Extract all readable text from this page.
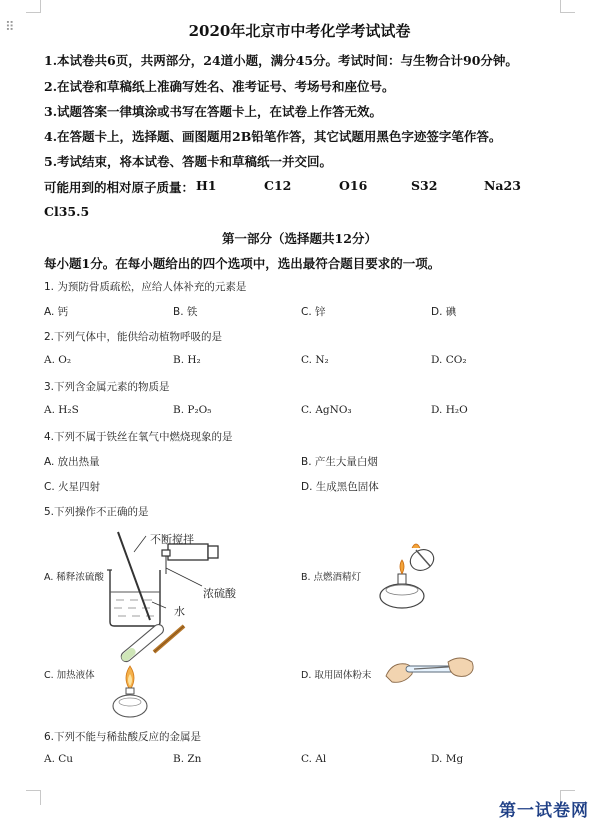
⠿	2020年北京市中考化学考试试卷
1.本试卷共6页，共两部分，24道小题，满分45分。考试时间：与生物合计90分钟。
2.在试卷和草稿纸上准确写姓名、准考证号、考场号和座位号。
3.试题答案一律填涂或书写在答题卡上，在试卷上作答无效。
4.在答题卡上，选择题、画图题用2B铅笔作答，其它试题用黑色字迹签字笔作答。
5.考试结束，将本试卷、答题卡和草稿纸一并交回。
可能用到的相对原子质量： H1	C12	O16	S32	Na23
Cl35.5
第一部分（选择题共12分）
每小题1分。在每小题给出的四个选项中，选出最符合题目要求的一项。
1. 为预防骨质疏松，应给人体补充的元素是
A. 钙	B. 铁	C. 锌	D. 碘
2.下列气体中，能供给动植物呼吸的是
A. O₂	B. H₂	C. N₂	D. CO₂
3.下列含金属元素的物质是
A. H₂S	B. P₂O₅	C. AgNO₃	D. H₂O
4.下列不属于铁丝在氧气中燃烧现象的是
A. 放出热量	B. 产生大量白烟
C. 火星四射	D. 生成黑色固体
5.下列操作不正确的是
不断搅拌
浓硫酸
水
A. 稀释浓硫酸	B. 点燃酒精灯
C. 加热液体	D. 取用固体粉末
6.下列不能与稀盐酸反应的金属是
A. Cu	B. Zn	C. Al	D. Mg
第一试卷网
